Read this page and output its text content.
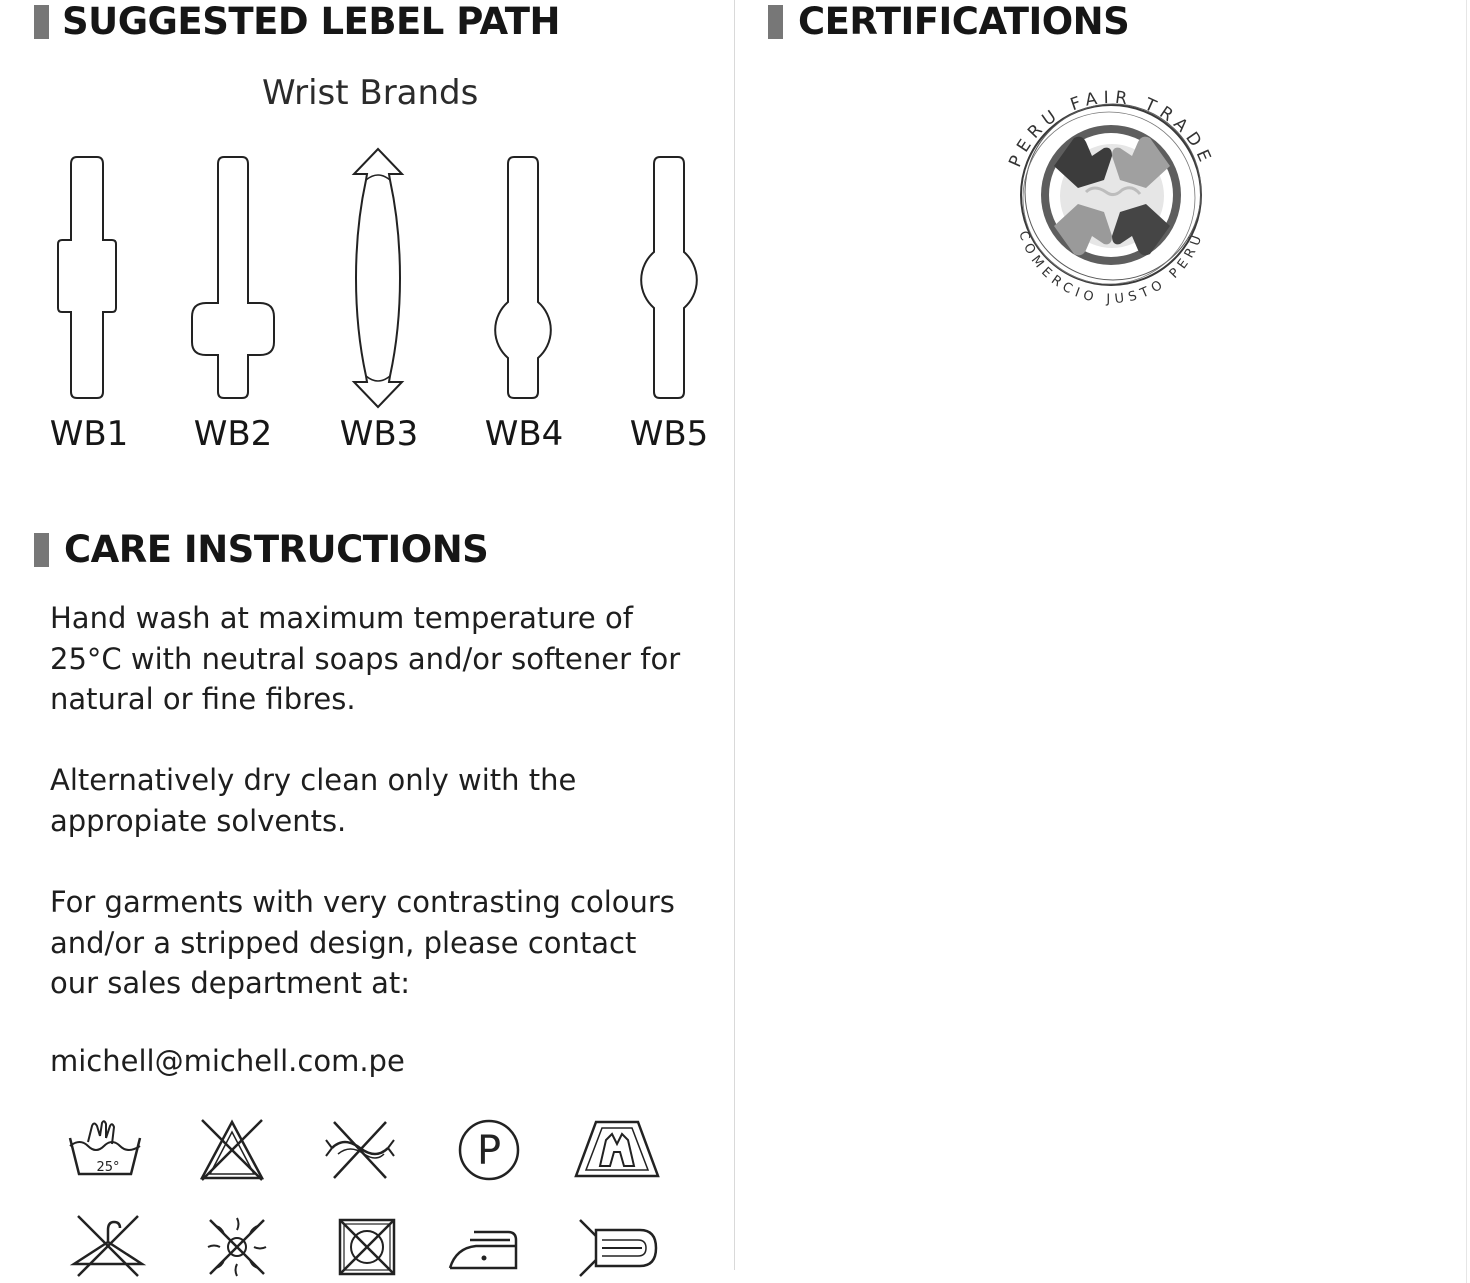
SUGGESTED LEBEL PATH
Wrist Brands
WB1	WB2	WB3	WB4	WB5
CARE INSTRUCTIONS

Hand wash at maximum temperature of
25°C with neutral soaps and/or softener for
natural or fine fibres.

Alternatively dry clean only with the
appropiate solvents.

For garments with very contrasting colours
and/or a stripped design, please contact
our sales department at:

michell@michell.com.pe
25°	P
CERTIFICATIONS
PERU FAIR TRADE
COMERCIO JUSTO PERÚ
